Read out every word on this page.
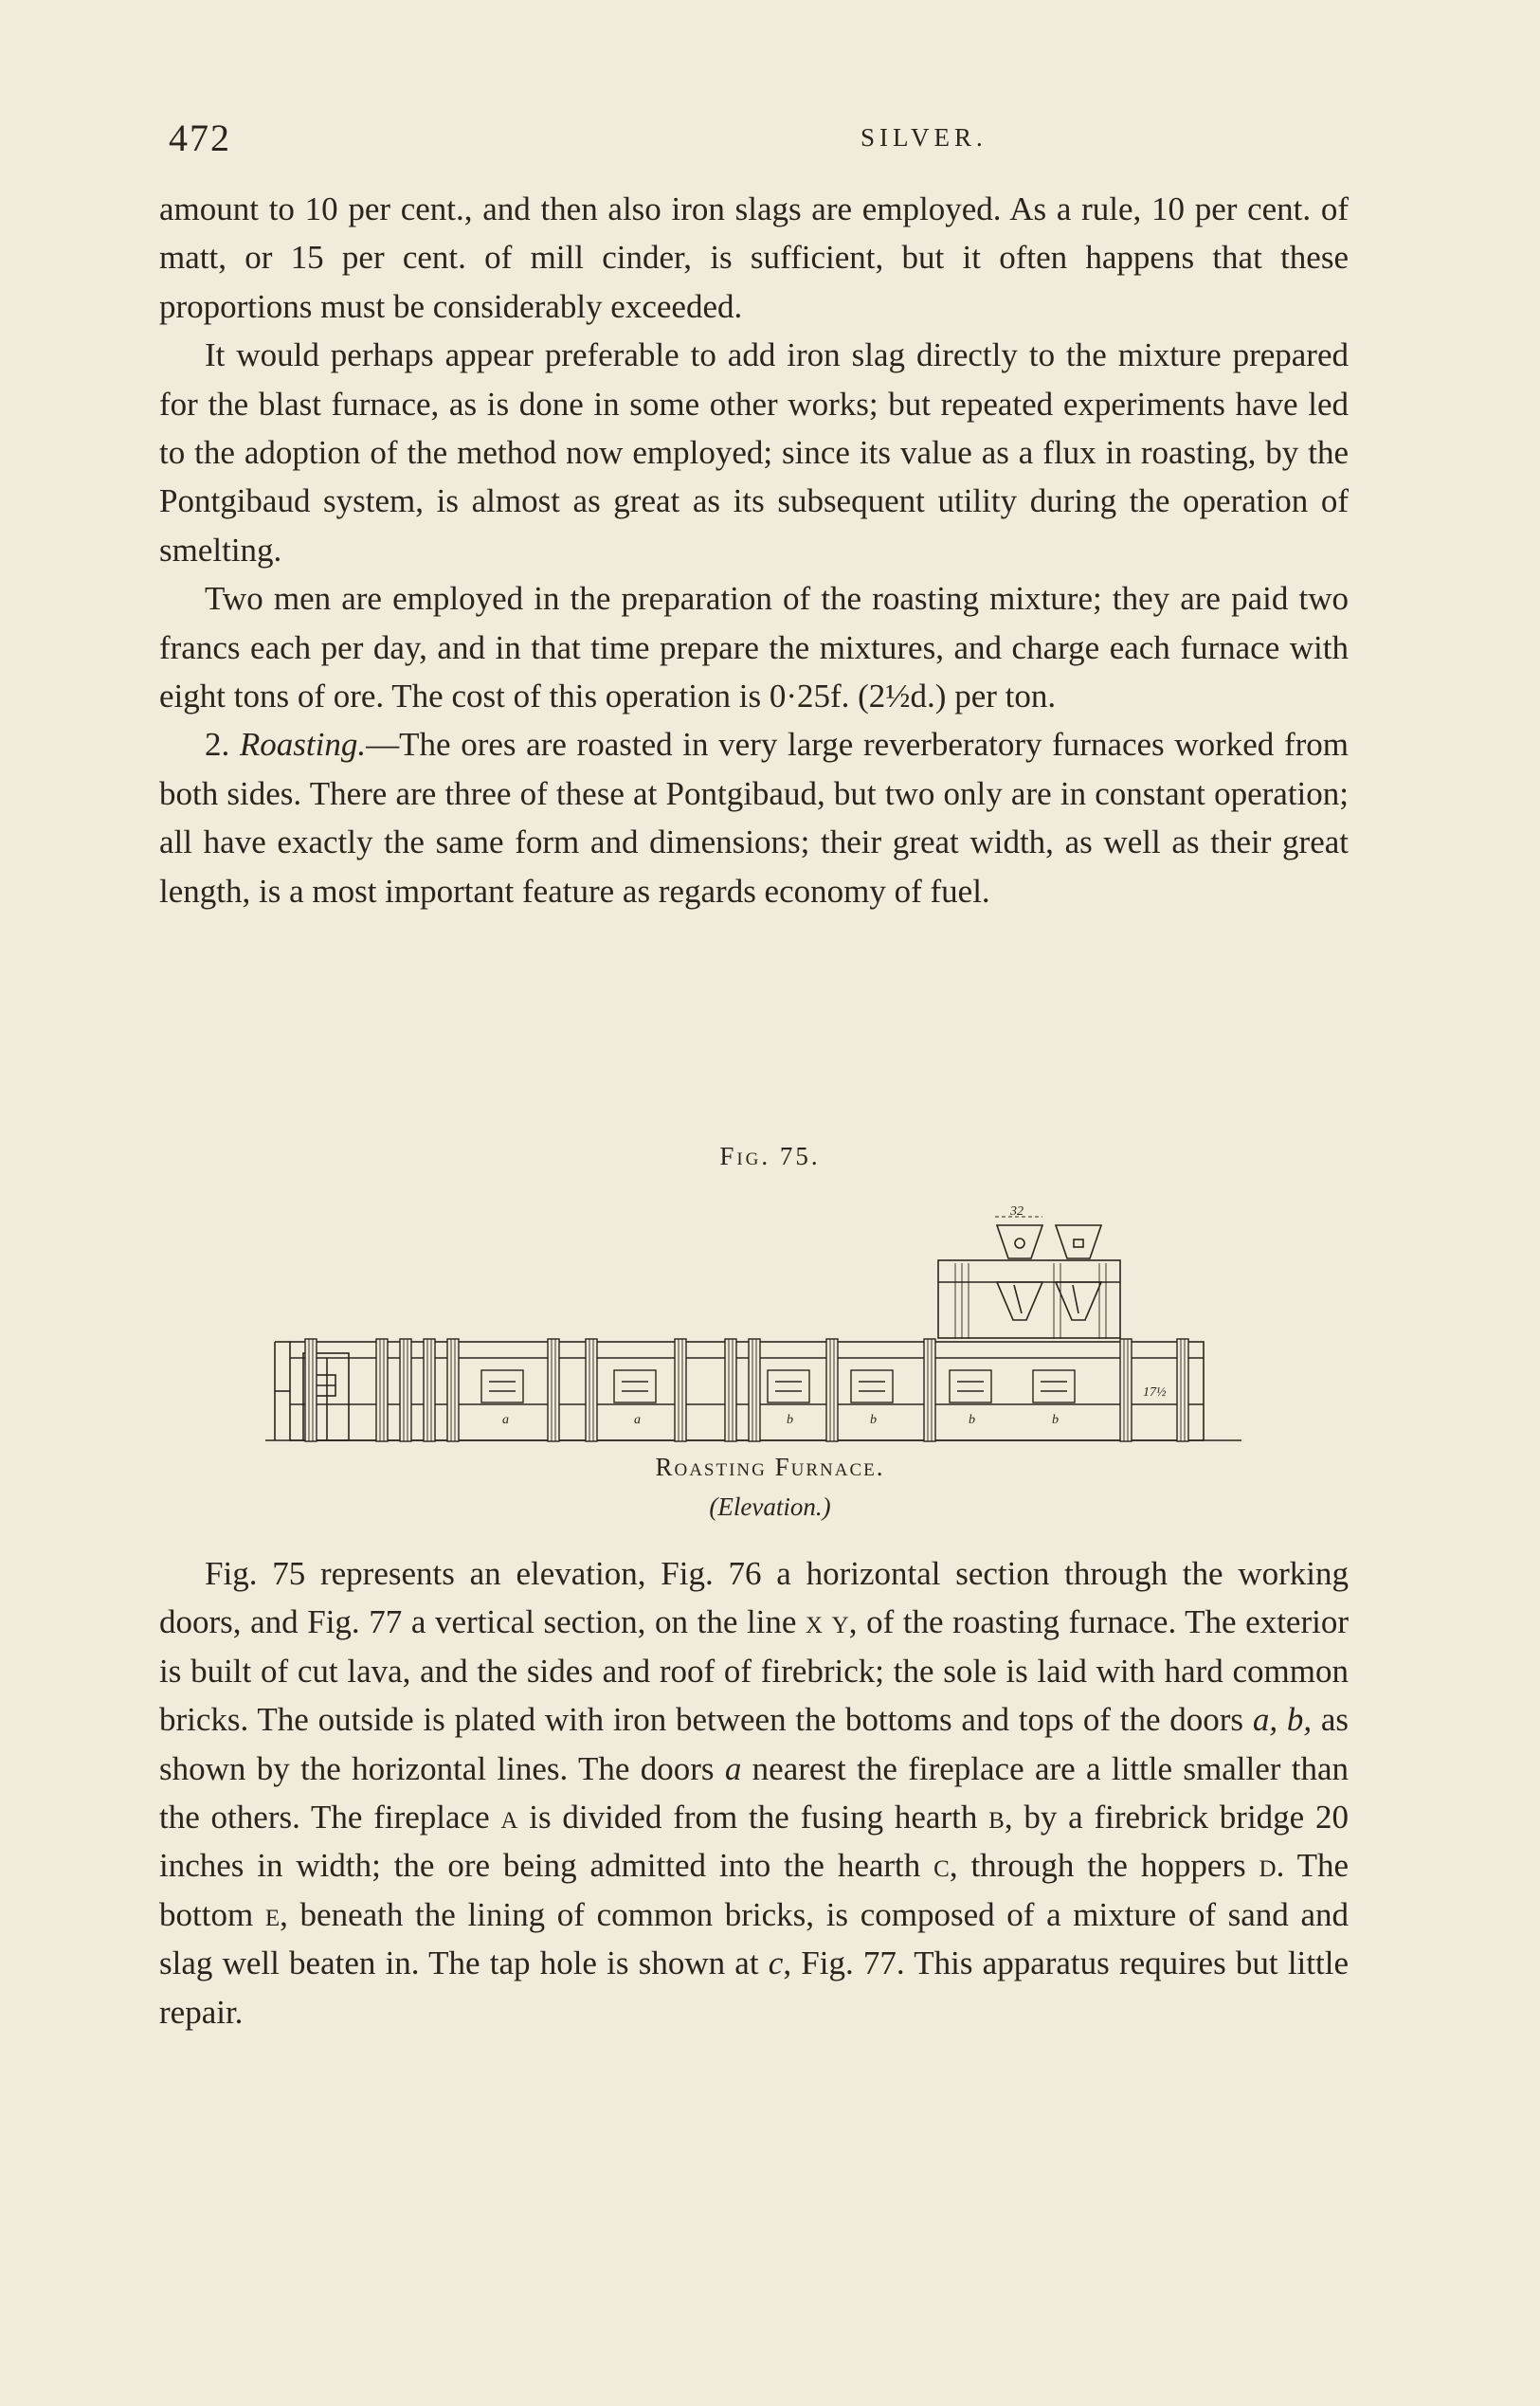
472	SILVER.

amount to 10 per cent., and then also iron slags are employed. As a rule, 10 per cent. of matt, or 15 per cent. of mill cinder, is sufficient, but it often happens that these proportions must be considerably exceeded.

It would perhaps appear preferable to add iron slag directly to the mixture prepared for the blast furnace, as is done in some other works; but repeated experiments have led to the adoption of the method now employed; since its value as a flux in roasting, by the Pontgibaud system, is almost as great as its subsequent utility during the operation of smelting.

Two men are employed in the preparation of the roasting mixture; they are paid two francs each per day, and in that time prepare the mixtures, and charge each furnace with eight tons of ore. The cost of this operation is 0·25f. (2½d.) per ton.

2. Roasting.—The ores are roasted in very large reverberatory furnaces worked from both sides. There are three of these at Pontgibaud, but two only are in constant operation; all have exactly the same form and dimensions; their great width, as well as their great length, is a most important feature as regards economy of fuel.

Fig. 75.
32
a	a	b	b	b	b
17½
Roasting Furnace.
(Elevation.)

Fig. 75 represents an elevation, Fig. 76 a horizontal section through the working doors, and Fig. 77 a vertical section, on the line x y, of the roasting furnace. The exterior is built of cut lava, and the sides and roof of firebrick; the sole is laid with hard common bricks. The outside is plated with iron between the bottoms and tops of the doors a, b, as shown by the horizontal lines. The doors a nearest the fireplace are a little smaller than the others. The fireplace a is divided from the fusing hearth b, by a firebrick bridge 20 inches in width; the ore being admitted into the hearth c, through the hoppers d. The bottom e, beneath the lining of common bricks, is composed of a mixture of sand and slag well beaten in. The tap hole is shown at c, Fig. 77. This apparatus requires but little repair.
